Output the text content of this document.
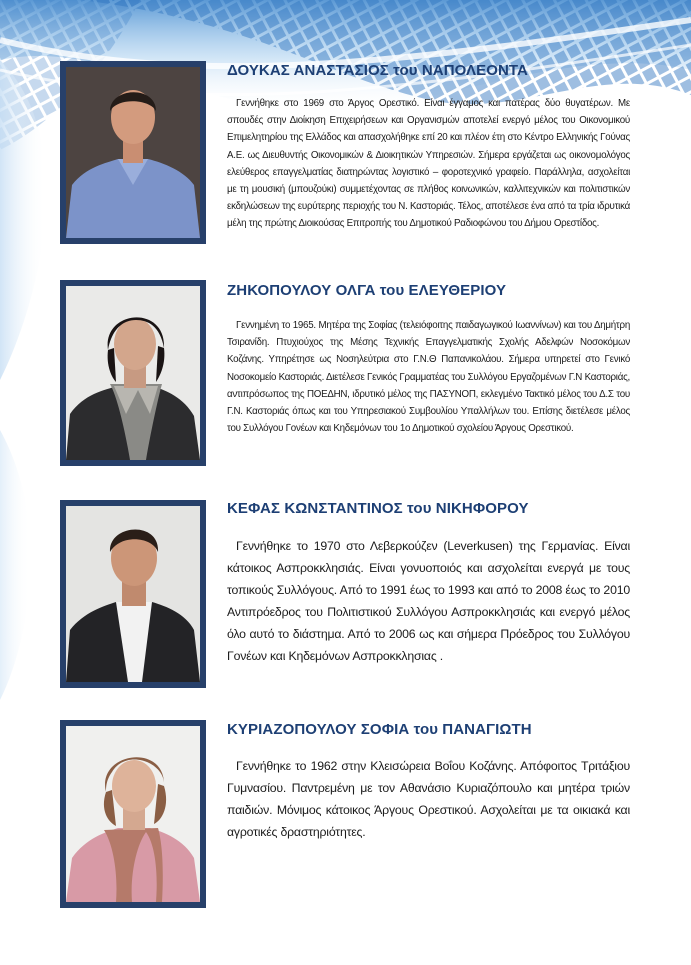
ΔΟΥΚΑΣ ΑΝΑΣΤΑΣΙΟΣ του ΝΑΠΟΛΕΟΝΤΑ

Γεννήθηκε στο 1969 στο Άργος Ορεστικό. Είναι έγγαμος και πατέρας δύο θυγατέρων. Με σπουδές στην Διοίκηση Επιχειρήσεων και Οργανισμών αποτελεί ενεργό μέλος του Οικονομικού Επιμελητηρίου της Ελλάδος και απασχολήθηκε επί 20 και πλέον έτη στο Κέντρο Ελληνικής Γούνας Α.Ε. ως Διευθυντής Οικονομικών & Διοικητικών Υπηρεσιών. Σήμερα εργάζεται ως οικονομολόγος ελεύθερος επαγγελματίας διατηρώντας λογιστικό – φοροτεχνικό γραφείο. Παράλληλα, ασχολείται με τη μουσική (μπουζούκι) συμμετέχοντας σε πλήθος κοινωνικών, καλλιτεχνικών και πολιτιστικών εκδηλώσεων της ευρύτερης περιοχής του Ν. Καστοριάς. Τέλος, αποτέλεσε ένα από τα τρία ιδρυτικά μέλη της πρώτης Διοικούσας Επιτροπής του Δημοτικού Ραδιοφώνου του Δήμου Ορεστίδος.

ΖΗΚΟΠΟΥΛΟΥ ΟΛΓΑ του ΕΛΕΥΘΕΡΙΟΥ

Γεννημένη το 1965. Μητέρα της Σοφίας (τελειόφοιτης παιδαγωγικού Ιωαννίνων) και του Δημήτρη Τσιρανίδη. Πτυχιούχος της Μέσης Τεχνικής Επαγγελματικής Σχολής Αδελφών Νοσοκόμων Κοζάνης. Υπηρέτησε ως Νοσηλεύτρια στο Γ.Ν.Θ Παπανικολάου. Σήμερα υπηρετεί στο Γενικό Νοσοκομείο Καστοριάς. Διετέλεσε Γενικός Γραμματέας του Συλλόγου Εργαζομένων Γ.Ν Καστοριάς, αντιπρόσωπος της ΠΟΕΔΗΝ, ιδρυτικό μέλος της ΠΑΣΥΝΟΠ, εκλεγμένο Τακτικό μέλος του Δ.Σ του Γ.Ν. Καστοριάς όπως και του Υπηρεσιακού Συμβουλίου Υπαλλήλων του. Επίσης διετέλεσε μέλος του Συλλόγου Γονέων και Κηδεμόνων του 1ο Δημοτικού σχολείου Άργους Ορεστικού.

ΚΕΦΑΣ ΚΩΝΣΤΑΝΤΙΝΟΣ του ΝΙΚΗΦΟΡΟΥ

Γεννήθηκε το 1970 στο Λεβερκούζεν (Leverkusen) της Γερμανίας. Είναι κάτοικος Ασπροκκλησιάς. Είναι γονυοποιός και ασχολείται ενεργά με τους τοπικούς Συλλόγους. Από το 1991 έως το 1993 και από το 2008 έως το 2010 Αντιπρόεδρος του Πολιτιστικού Συλλόγου Ασπροκκλησιάς και ενεργό μέλος όλο αυτό το διάστημα. Από το 2006 ως και σήμερα Πρόεδρος του Συλλόγου Γονέων και Κηδεμόνων Ασπροκκλησιας .

ΚΥΡΙΑΖΟΠΟΥΛΟΥ ΣΟΦΙΑ του ΠΑΝΑΓΙΩΤΗ

Γεννήθηκε το 1962 στην Κλεισώρεια Βοΐου Κοζάνης. Απόφοιτος Τριτάξιου Γυμνασίου. Παντρεμένη με τον Αθανάσιο Κυριαζόπουλο και μητέρα τριών παιδιών. Μόνιμος κάτοικος Άργους Ορεστικού. Ασχολείται με τα οικιακά και αγροτικές δραστηριότητες.
